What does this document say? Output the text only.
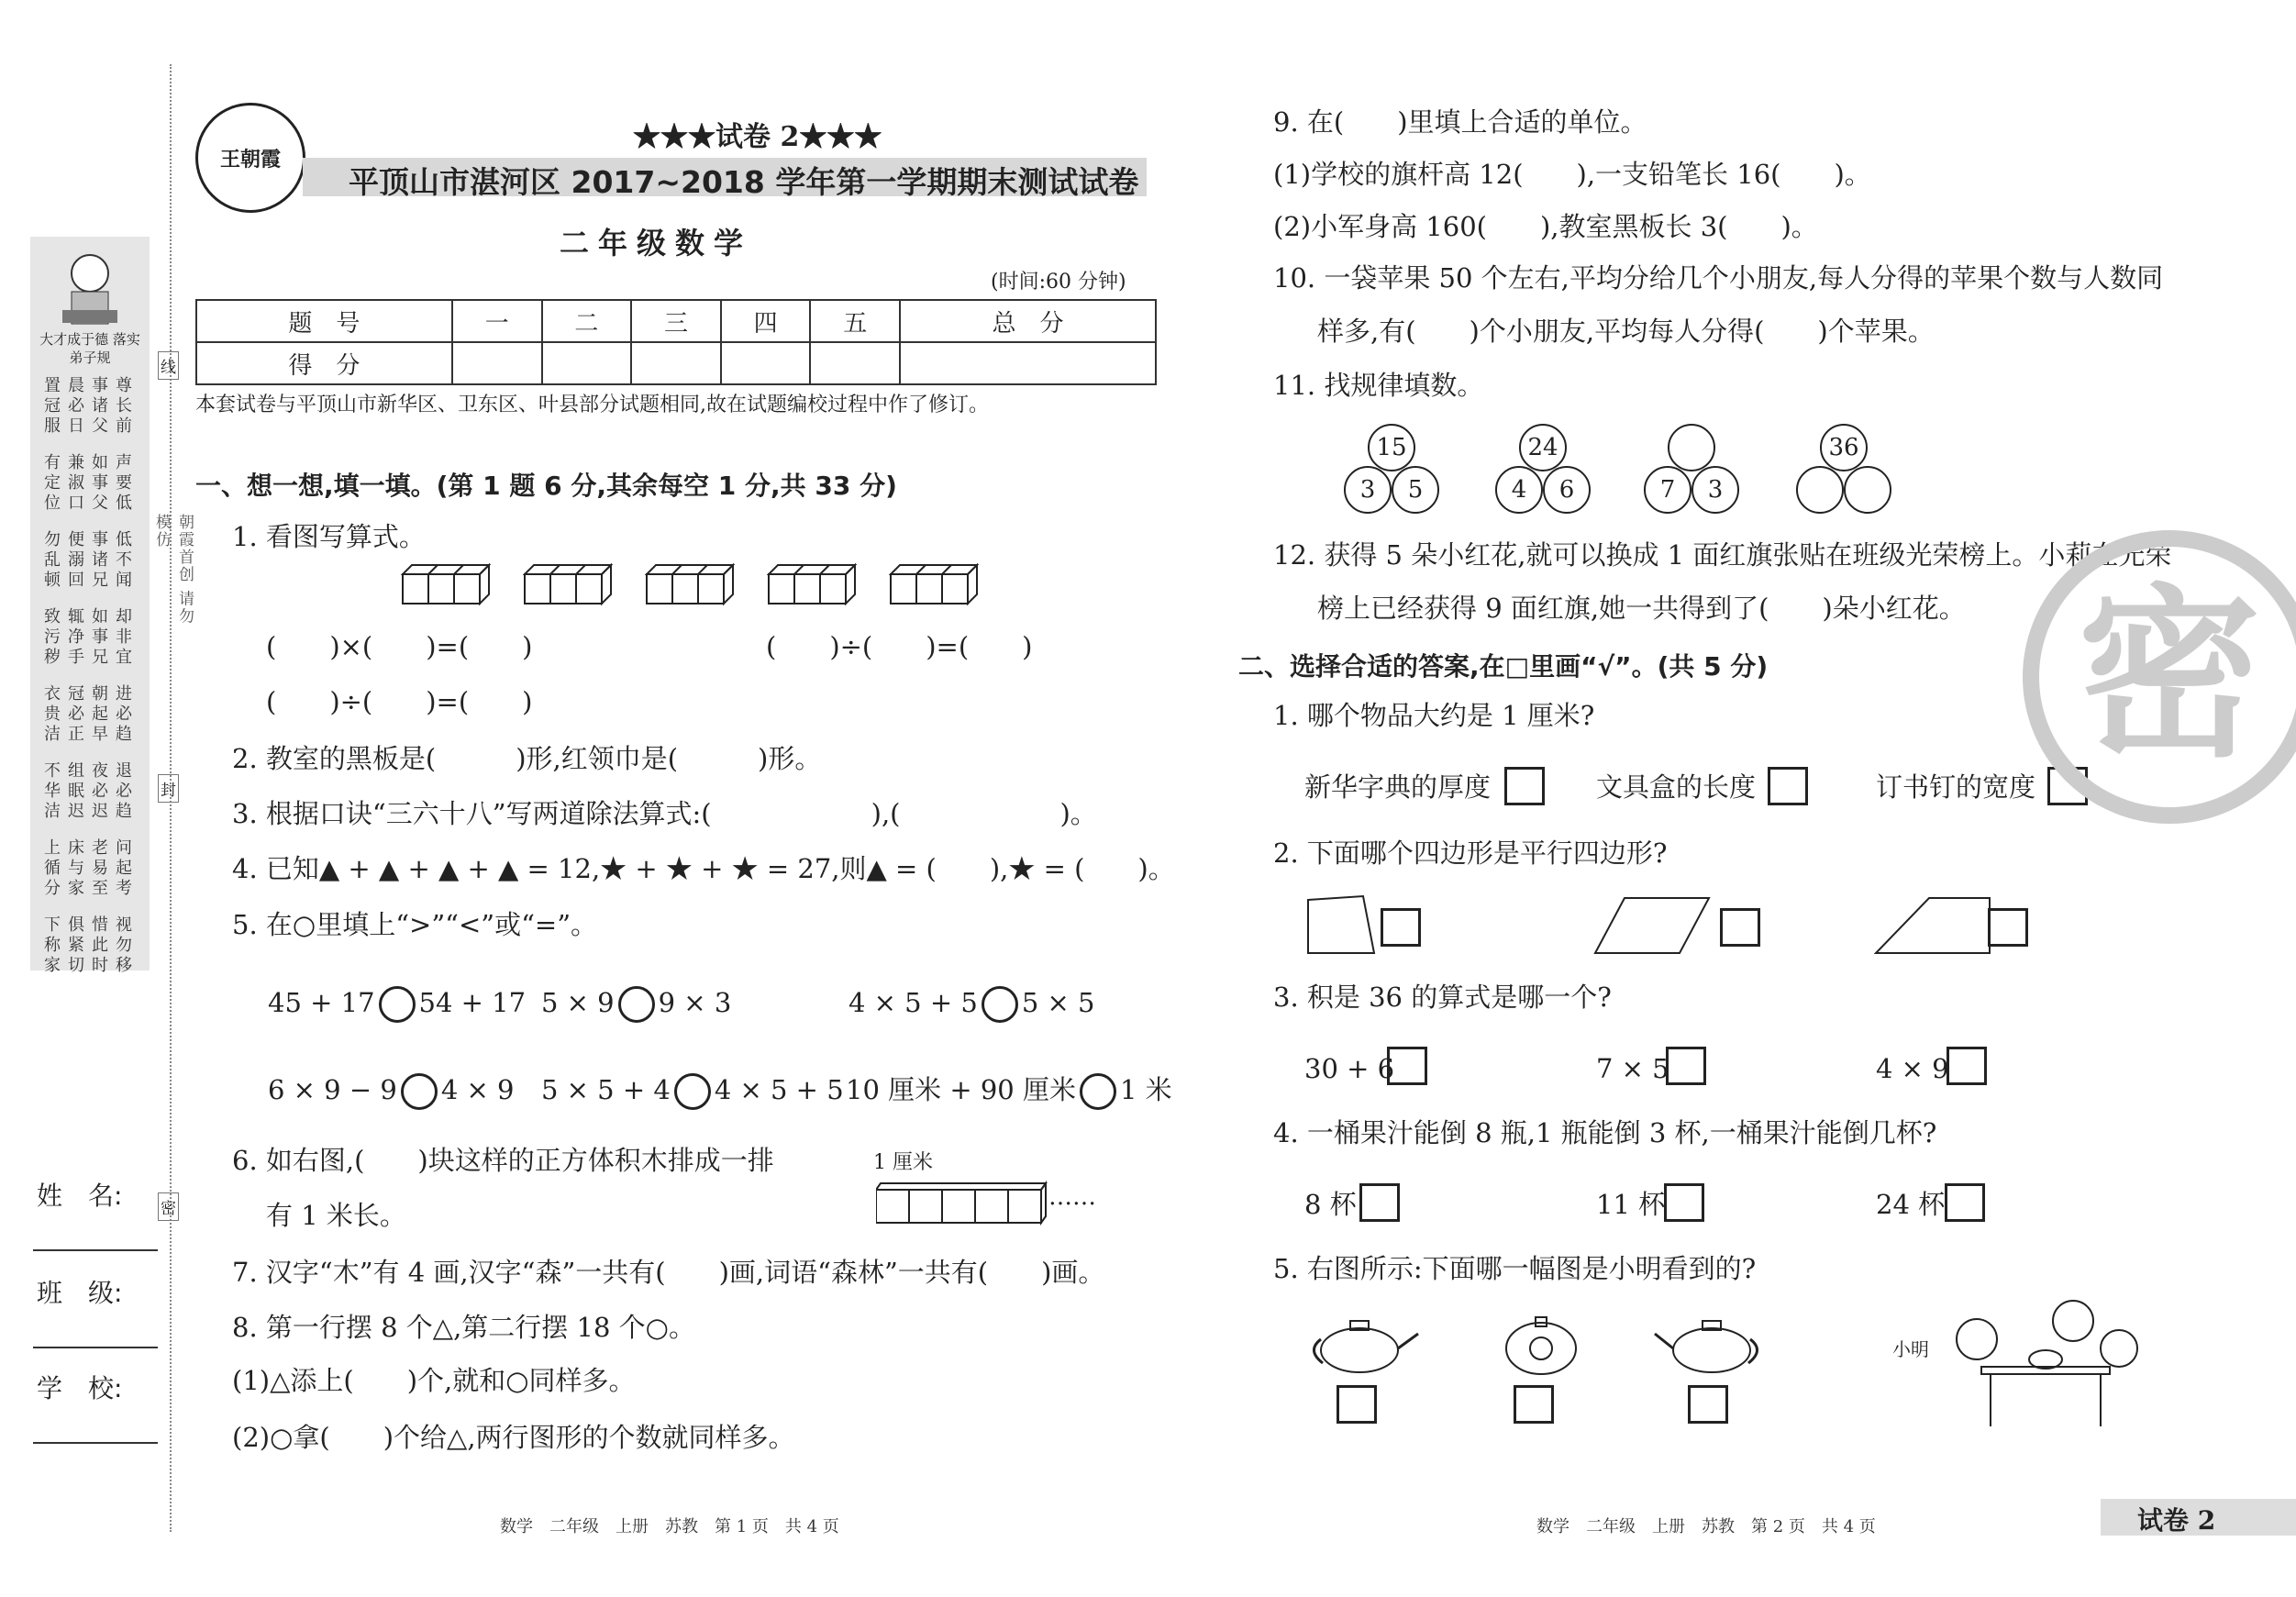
大才成于德 落实弟子规
置冠服
晨必日
事诸父
尊长前
有定位
兼淑口
如事父
声要低
勿乱顿
便溺回
事诸兄
低不闻
致污秽
辄净手
如事兄
却非宜
衣贵洁
冠必正
朝起早
进必趋
不华洁
组眠迟
夜必迟
退必趋
上循分
床与家
老易至
问起考
下称家
俱紧切
惜此时
视勿移
朝霞首创 请勿模仿
线
封
密
姓　名:
班　级:
学　校:
王朝霞
★★★试卷 2★★★
平顶山市湛河区 2017~2018 学年第一学期期末测试试卷
二年级数学
(时间:60 分钟)
题　号	一	二	三	四	五	总　分
得　分						
本套试卷与平顶山市新华区、卫东区、叶县部分试题相同,故在试题编校过程中作了修订。
一、想一想,填一填。(第 1 题 6 分,其余每空 1 分,共 33 分)
1. 看图写算式。
(　　)×(　　)=(　　)	(　　)÷(　　)=(　　)
(　　)÷(　　)=(　　)
2. 教室的黑板是(　　　)形,红领巾是(　　　)形。
3. 根据口诀“三六十八”写两道除法算式:(　　　　　　),(　　　　　　)。
4. 已知▲ + ▲ + ▲ + ▲ = 12,★ + ★ + ★ = 27,则▲ = (　　),★ = (　　)。
5. 在○里填上“>”“<”或“=”。
45 + 17 54 + 17 5 × 9 9 × 3	4 × 5 + 5 5 × 5
6 × 9 − 9 4 × 9 5 × 5 + 4 4 × 5 + 5 10 厘米 + 90 厘米 1 米
6. 如右图,(　　)块这样的正方体积木排成一排
有 1 米长。
1 厘米
……
7. 汉字“木”有 4 画,汉字“森”一共有(　　)画,词语“森林”一共有(　　)画。
8. 第一行摆 8 个△,第二行摆 18 个○。
(1)△添上(　　)个,就和○同样多。
(2)○拿(　　)个给△,两行图形的个数就同样多。
数学　二年级　上册　苏教　第 1 页　共 4 页
9. 在(　　)里填上合适的单位。
(1)学校的旗杆高 12(　　),一支铅笔长 16(　　)。
(2)小军身高 160(　　),教室黑板长 3(　　)。
10. 一袋苹果 50 个左右,平均分给几个小朋友,每人分得的苹果个数与人数同
样多,有(　　)个小朋友,平均每人分得(　　)个苹果。
11. 找规律填数。
15
3	5
24
4	6	7	3
36
12. 获得 5 朵小红花,就可以换成 1 面红旗张贴在班级光荣榜上。小莉在光荣
榜上已经获得 9 面红旗,她一共得到了(　　)朵小红花。
二、选择合适的答案,在□里画“√”。(共 5 分)
1. 哪个物品大约是 1 厘米?
新华字典的厚度	文具盒的长度	订书钉的宽度
2. 下面哪个四边形是平行四边形?
3. 积是 36 的算式是哪一个?
30 + 6	7 × 5	4 × 9
4. 一桶果汁能倒 8 瓶,1 瓶能倒 3 杯,一桶果汁能倒几杯?
8 杯	11 杯	24 杯
5. 右图所示:下面哪一幅图是小明看到的?
小明
密
数学　二年级　上册　苏教　第 2 页　共 4 页	试卷 2
